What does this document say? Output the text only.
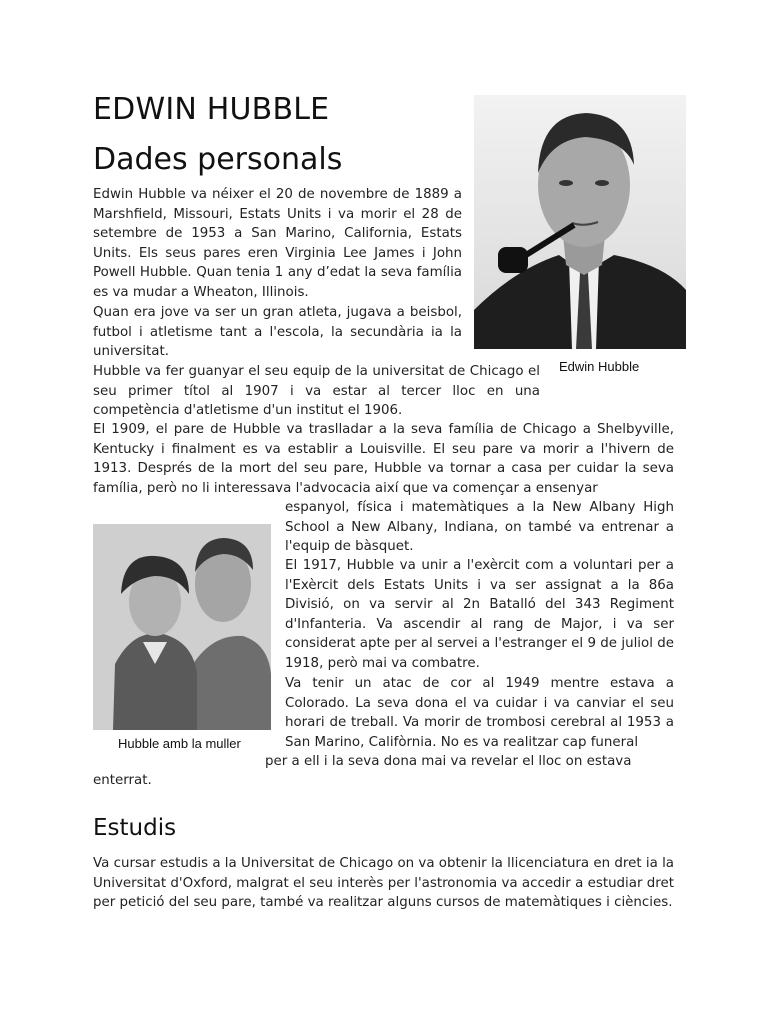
EDWIN HUBBLE
Dades personals
Edwin Hubble

Edwin Hubble va néixer el 20 de novembre de 1889 a Marshfield, Missouri, Estats Units i va morir el 28 de setembre de 1953 a San Marino, California, Estats Units. Els seus pares eren Virginia Lee James i John Powell Hubble. Quan tenia 1 any d’edat la seva família es va mudar a Wheaton, Illinois.

Quan era jove va ser un gran atleta, jugava a beisbol, futbol i atletisme tant a l'escola, la secundària ia la universitat.

Hubble va fer guanyar el seu equip de la universitat de Chicago el seu primer títol al 1907 i va estar al tercer lloc en una competència d'atletisme d'un institut el 1906.

El 1909, el pare de Hubble va traslladar a la seva família de Chicago a Shelbyville, Kentucky i finalment es va establir a Louisville. El seu pare va morir a l'hivern de 1913. Després de la mort del seu pare, Hubble va tornar a casa per cuidar la seva família, però no li interessava l'advocacia així que va començar a ensenyar

Hubble amb la muller

espanyol, física i matemàtiques a la New Albany High School a New Albany, Indiana, on també va entrenar a l'equip de bàsquet.

El 1917, Hubble va unir a l'exèrcit com a voluntari per a l'Exèrcit dels Estats Units i va ser assignat a la 86a Divisió, on va servir al 2n Batalló del 343 Regiment d'Infanteria. Va ascendir al rang de Major, i va ser considerat apte per al servei a l'estranger el 9 de juliol de 1918, però mai va combatre.

Va tenir un atac de cor al 1949 mentre estava a Colorado. La seva dona el va cuidar i va canviar el seu horari de treball. Va morir de trombosi cerebral al 1953 a San Marino, Califòrnia. No es va realitzar cap funeral

per a ell i la seva dona mai va revelar el lloc on estava

enterrat.

Estudis

Va cursar estudis a la Universitat de Chicago on va obtenir la llicenciatura en dret ia la Universitat d'Oxford, malgrat el seu interès per l'astronomia va accedir a estudiar dret per petició del seu pare, també va realitzar alguns cursos de matemàtiques i ciències.
